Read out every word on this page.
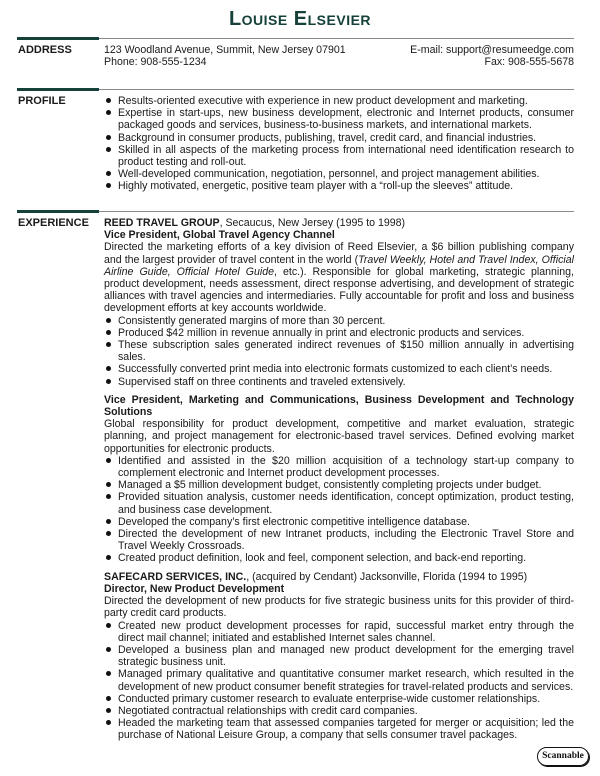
Louise Elsevier
ADDRESS	123 Woodland Avenue, Summit, New Jersey 07901
Phone: 908-555-1234
E-mail: support@resumeedge.com
Fax: 908-555-5678
PROFILE	Results-oriented executive with experience in new product development and marketing.
Expertise in start-ups, new business development, electronic and Internet products, consumer packaged goods and services, business-to-business markets, and international markets.
Background in consumer products, publishing, travel, credit card, and financial industries.
Skilled in all aspects of the marketing process from international need identification research to product testing and roll-out.
Well-developed communication, negotiation, personnel, and project management abilities.
Highly motivated, energetic, positive team player with a “roll-up the sleeves” attitude.
EXPERIENCE REED TRAVEL GROUP, Secaucus, New Jersey (1995 to 1998)
Vice President, Global Travel Agency Channel
Directed the marketing efforts of a key division of Reed Elsevier, a $6 billion publishing company and the largest provider of travel content in the world (Travel Weekly, Hotel and Travel Index, Official Airline Guide, Official Hotel Guide, etc.). Responsible for global marketing, strategic planning, product development, needs assessment, direct response advertising, and development of strategic alliances with travel agencies and intermediaries. Fully accountable for profit and loss and business development efforts at key accounts worldwide.
Consistently generated margins of more than 30 percent.
Produced $42 million in revenue annually in print and electronic products and services.
These subscription sales generated indirect revenues of $150 million annually in advertising sales.
Successfully converted print media into electronic formats customized to each client’s needs.
Supervised staff on three continents and traveled extensively.
Vice President, Marketing and Communications, Business Development and Technology Solutions
Global responsibility for product development, competitive and market evaluation, strategic planning, and project management for electronic-based travel services. Defined evolving market opportunities for electronic products.
Identified and assisted in the $20 million acquisition of a technology start-up company to complement electronic and Internet product development processes.
Managed a $5 million development budget, consistently completing projects under budget.
Provided situation analysis, customer needs identification, concept optimization, product testing, and business case development.
Developed the company’s first electronic competitive intelligence database.
Directed the development of new Intranet products, including the Electronic Travel Store and Travel Weekly Crossroads.
Created product definition, look and feel, component selection, and back-end reporting.
SAFECARD SERVICES, INC., (acquired by Cendant) Jacksonville, Florida (1994 to 1995)
Director, New Product Development
Directed the development of new products for five strategic business units for this provider of third-party credit card products.
Created new product development processes for rapid, successful market entry through the direct mail channel; initiated and established Internet sales channel.
Developed a business plan and managed new product development for the emerging travel strategic business unit.
Managed primary qualitative and quantitative consumer market research, which resulted in the development of new product consumer benefit strategies for travel-related products and services.
Conducted primary customer research to evaluate enterprise-wide customer relationships.
Negotiated contractual relationships with credit card companies.
Headed the marketing team that assessed companies targeted for merger or acquisition; led the purchase of National Leisure Group, a company that sells consumer travel packages.
Scannable
